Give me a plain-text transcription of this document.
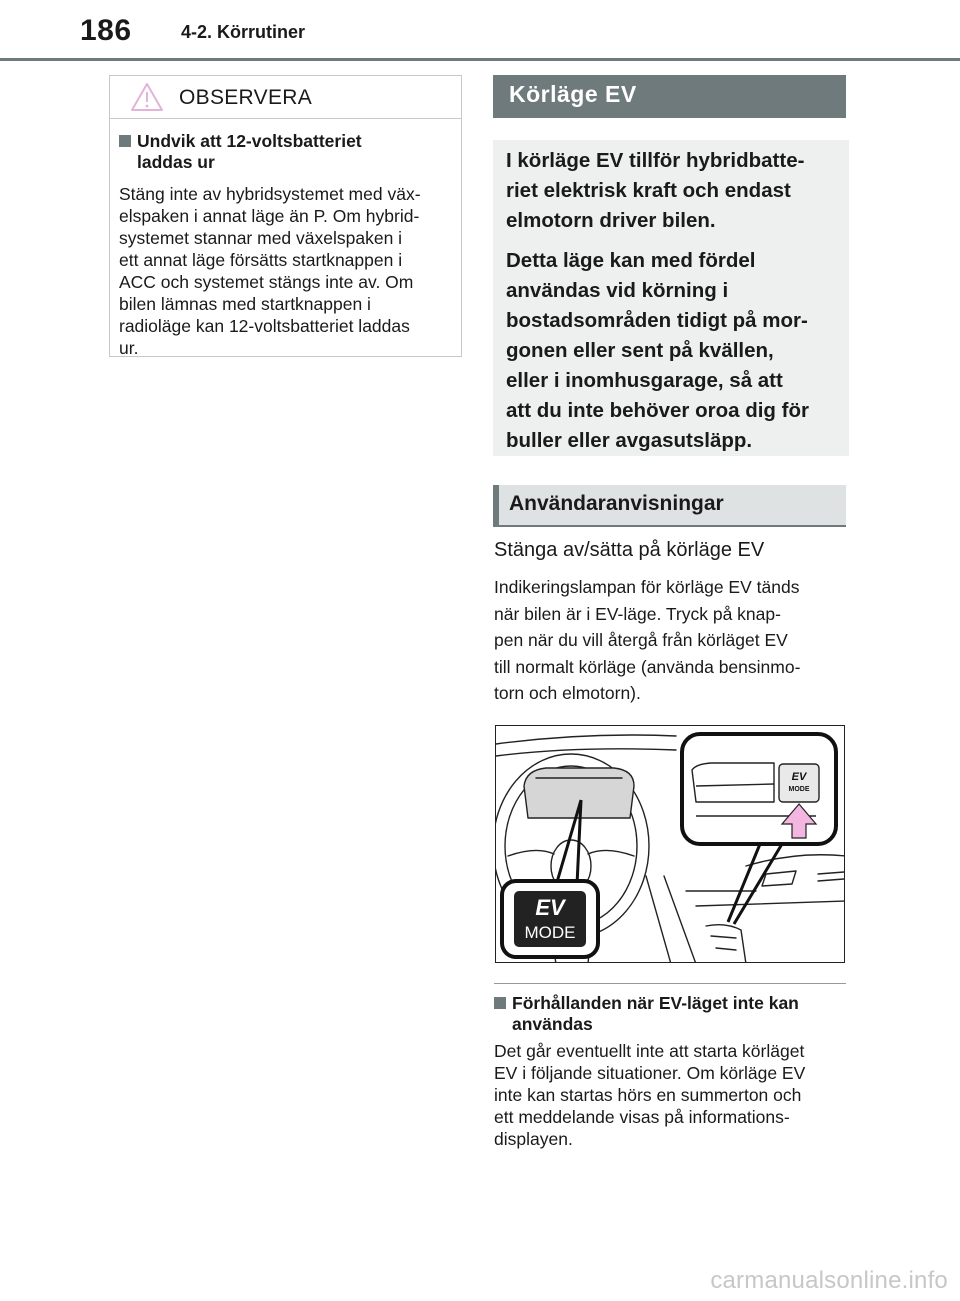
186	4-2. Körrutiner
OBSERVERA
Undvik att 12-voltsbatteriet
laddas ur
Stäng inte av hybridsystemet med väx-
elspaken i annat läge än P. Om hybrid-
systemet stannar med växelspaken i
ett annat läge försätts startknappen i
ACC och systemet stängs inte av. Om
bilen lämnas med startknappen i
radioläge kan 12-voltsbatteriet laddas
ur.
Körläge EV

I körläge EV tillför hybridbatte-
riet elektrisk kraft och endast
elmotorn driver bilen.

Detta läge kan med fördel
användas vid körning i
bostadsområden tidigt på mor-
gonen eller sent på kvällen,
eller i inomhusgarage, så att
att du inte behöver oroa dig för
buller eller avgasutsläpp.

Användaranvisningar
Stänga av/sätta på körläge EV
Indikeringslampan för körläge EV tänds
när bilen är i EV-läge. Tryck på knap-
pen när du vill återgå från körläget EV
till normalt körläge (använda bensinmo-
torn och elmotorn).
EV
MODE
EV
MODE
Förhållanden när EV-läget inte kan
användas
Det går eventuellt inte att starta körläget
EV i följande situationer. Om körläge EV
inte kan startas hörs en summerton och
ett meddelande visas på informations-
displayen.
carmanualsonline.info
